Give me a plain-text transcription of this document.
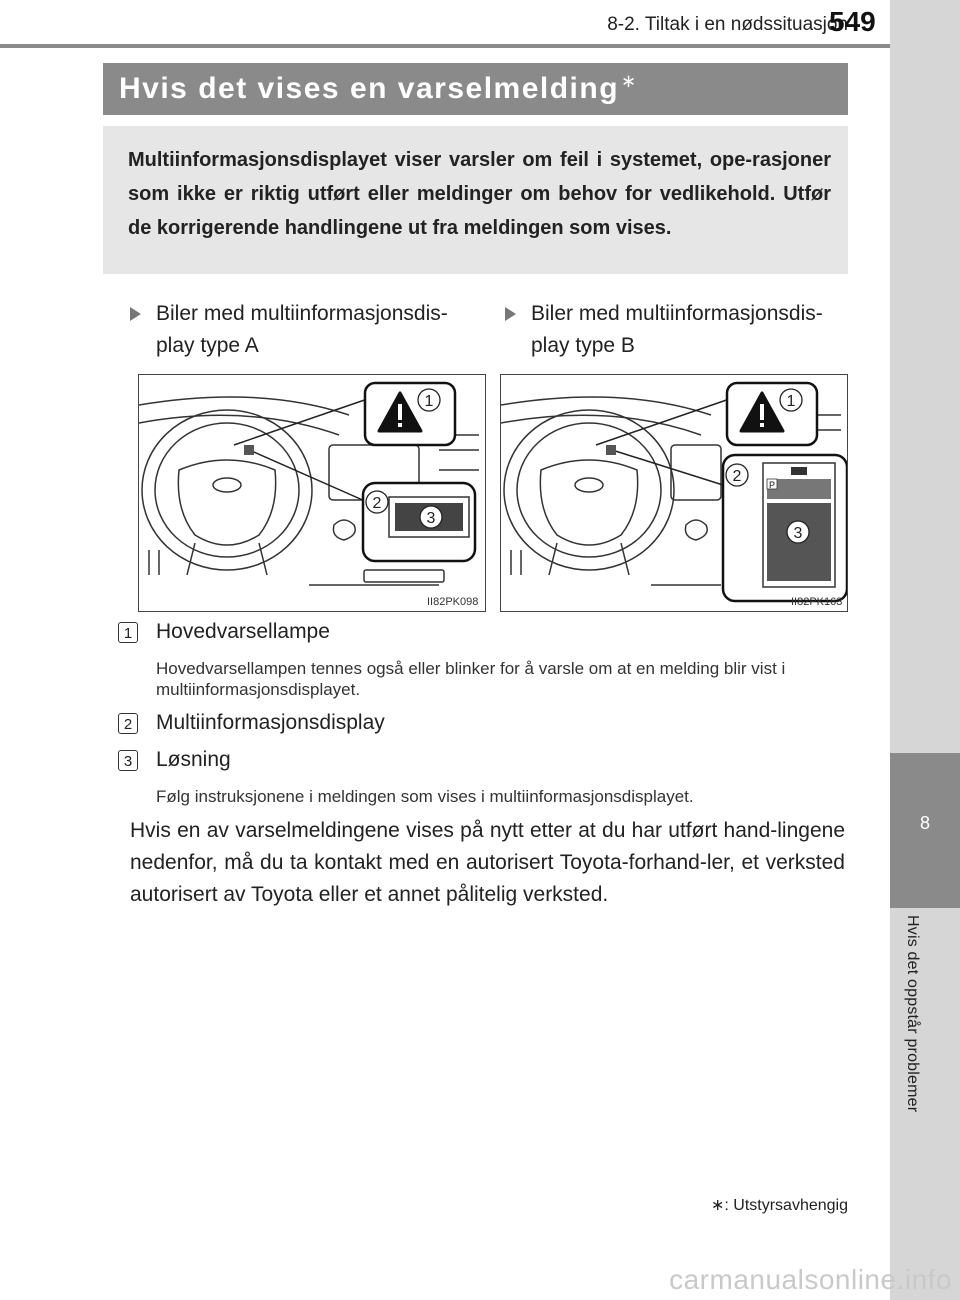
8
Hvis det oppstår problemer
8-2. Tiltak i en nødssituasjon
549
Hvis det vises en varselmelding ∗

Multiinformasjonsdisplayet viser varsler om feil i systemet, ope-rasjoner som ikke er riktig utført eller meldinger om behov for vedlikehold. Utfør de korrigerende handlingene ut fra meldingen som vises.

Biler med multiinformasjonsdis-play type A
Biler med multiinformasjonsdis-play type B
1
2
3
II82PK098
1
P
2
3
II82PK163
1 Hovedvarsellampe
Hovedvarsellampen tennes også eller blinker for å varsle om at en melding blir vist i multiinformasjonsdisplayet.
2 Multiinformasjonsdisplay
3 Løsning
Følg instruksjonene i meldingen som vises i multiinformasjonsdisplayet.
Hvis en av varselmeldingene vises på nytt etter at du har utført hand-lingene nedenfor, må du ta kontakt med en autorisert Toyota-forhand-ler, et verksted autorisert av Toyota eller et annet pålitelig verksted.
∗: Utstyrsavhengig
carmanualsonline.info
